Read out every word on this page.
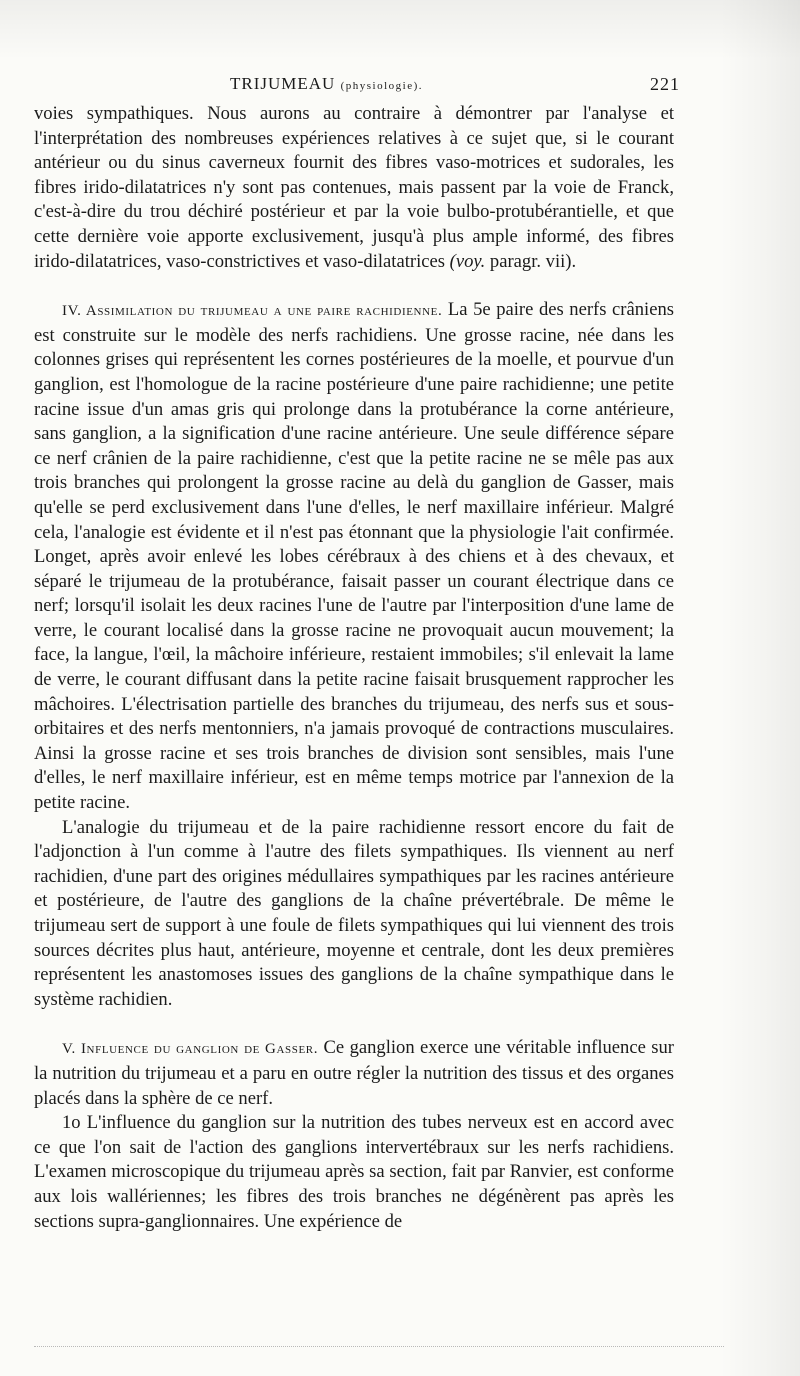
TRIJUMEAU (physiologie).	221

voies sympathiques. Nous aurons au contraire à démontrer par l'analyse et l'interprétation des nombreuses expériences relatives à ce sujet que, si le courant antérieur ou du sinus caverneux fournit des fibres vaso-motrices et sudorales, les fibres irido-dilatatrices n'y sont pas contenues, mais passent par la voie de Franck, c'est-à-dire du trou déchiré postérieur et par la voie bulbo-protubérantielle, et que cette dernière voie apporte exclusivement, jusqu'à plus ample informé, des fibres irido-dilatatrices, vaso-constrictives et vaso-dilatatrices (voy. paragr. vii).

IV. Assimilation du trijumeau a une paire rachidienne. La 5e paire des nerfs crâniens est construite sur le modèle des nerfs rachidiens. Une grosse racine, née dans les colonnes grises qui représentent les cornes postérieures de la moelle, et pourvue d'un ganglion, est l'homologue de la racine postérieure d'une paire rachidienne; une petite racine issue d'un amas gris qui prolonge dans la protubérance la corne antérieure, sans ganglion, a la signification d'une racine antérieure. Une seule différence sépare ce nerf crânien de la paire rachidienne, c'est que la petite racine ne se mêle pas aux trois branches qui prolongent la grosse racine au delà du ganglion de Gasser, mais qu'elle se perd exclusivement dans l'une d'elles, le nerf maxillaire inférieur. Malgré cela, l'analogie est évidente et il n'est pas étonnant que la physiologie l'ait confirmée. Longet, après avoir enlevé les lobes cérébraux à des chiens et à des chevaux, et séparé le trijumeau de la protubérance, faisait passer un courant électrique dans ce nerf; lorsqu'il isolait les deux racines l'une de l'autre par l'interposition d'une lame de verre, le courant localisé dans la grosse racine ne provoquait aucun mouvement; la face, la langue, l'œil, la mâchoire inférieure, restaient immobiles; s'il enlevait la lame de verre, le courant diffusant dans la petite racine faisait brusquement rapprocher les mâchoires. L'électrisation partielle des branches du trijumeau, des nerfs sus et sous-orbitaires et des nerfs mentonniers, n'a jamais provoqué de contractions musculaires. Ainsi la grosse racine et ses trois branches de division sont sensibles, mais l'une d'elles, le nerf maxillaire inférieur, est en même temps motrice par l'annexion de la petite racine.

L'analogie du trijumeau et de la paire rachidienne ressort encore du fait de l'adjonction à l'un comme à l'autre des filets sympathiques. Ils viennent au nerf rachidien, d'une part des origines médullaires sympathiques par les racines antérieure et postérieure, de l'autre des ganglions de la chaîne prévertébrale. De même le trijumeau sert de support à une foule de filets sympathiques qui lui viennent des trois sources décrites plus haut, antérieure, moyenne et centrale, dont les deux premières représentent les anastomoses issues des ganglions de la chaîne sympathique dans le système rachidien.

V. Influence du ganglion de Gasser. Ce ganglion exerce une véritable influence sur la nutrition du trijumeau et a paru en outre régler la nutrition des tissus et des organes placés dans la sphère de ce nerf.

1o L'influence du ganglion sur la nutrition des tubes nerveux est en accord avec ce que l'on sait de l'action des ganglions intervertébraux sur les nerfs rachidiens. L'examen microscopique du trijumeau après sa section, fait par Ranvier, est conforme aux lois wallériennes; les fibres des trois branches ne dégénèrent pas après les sections supra-ganglionnaires. Une expérience de
